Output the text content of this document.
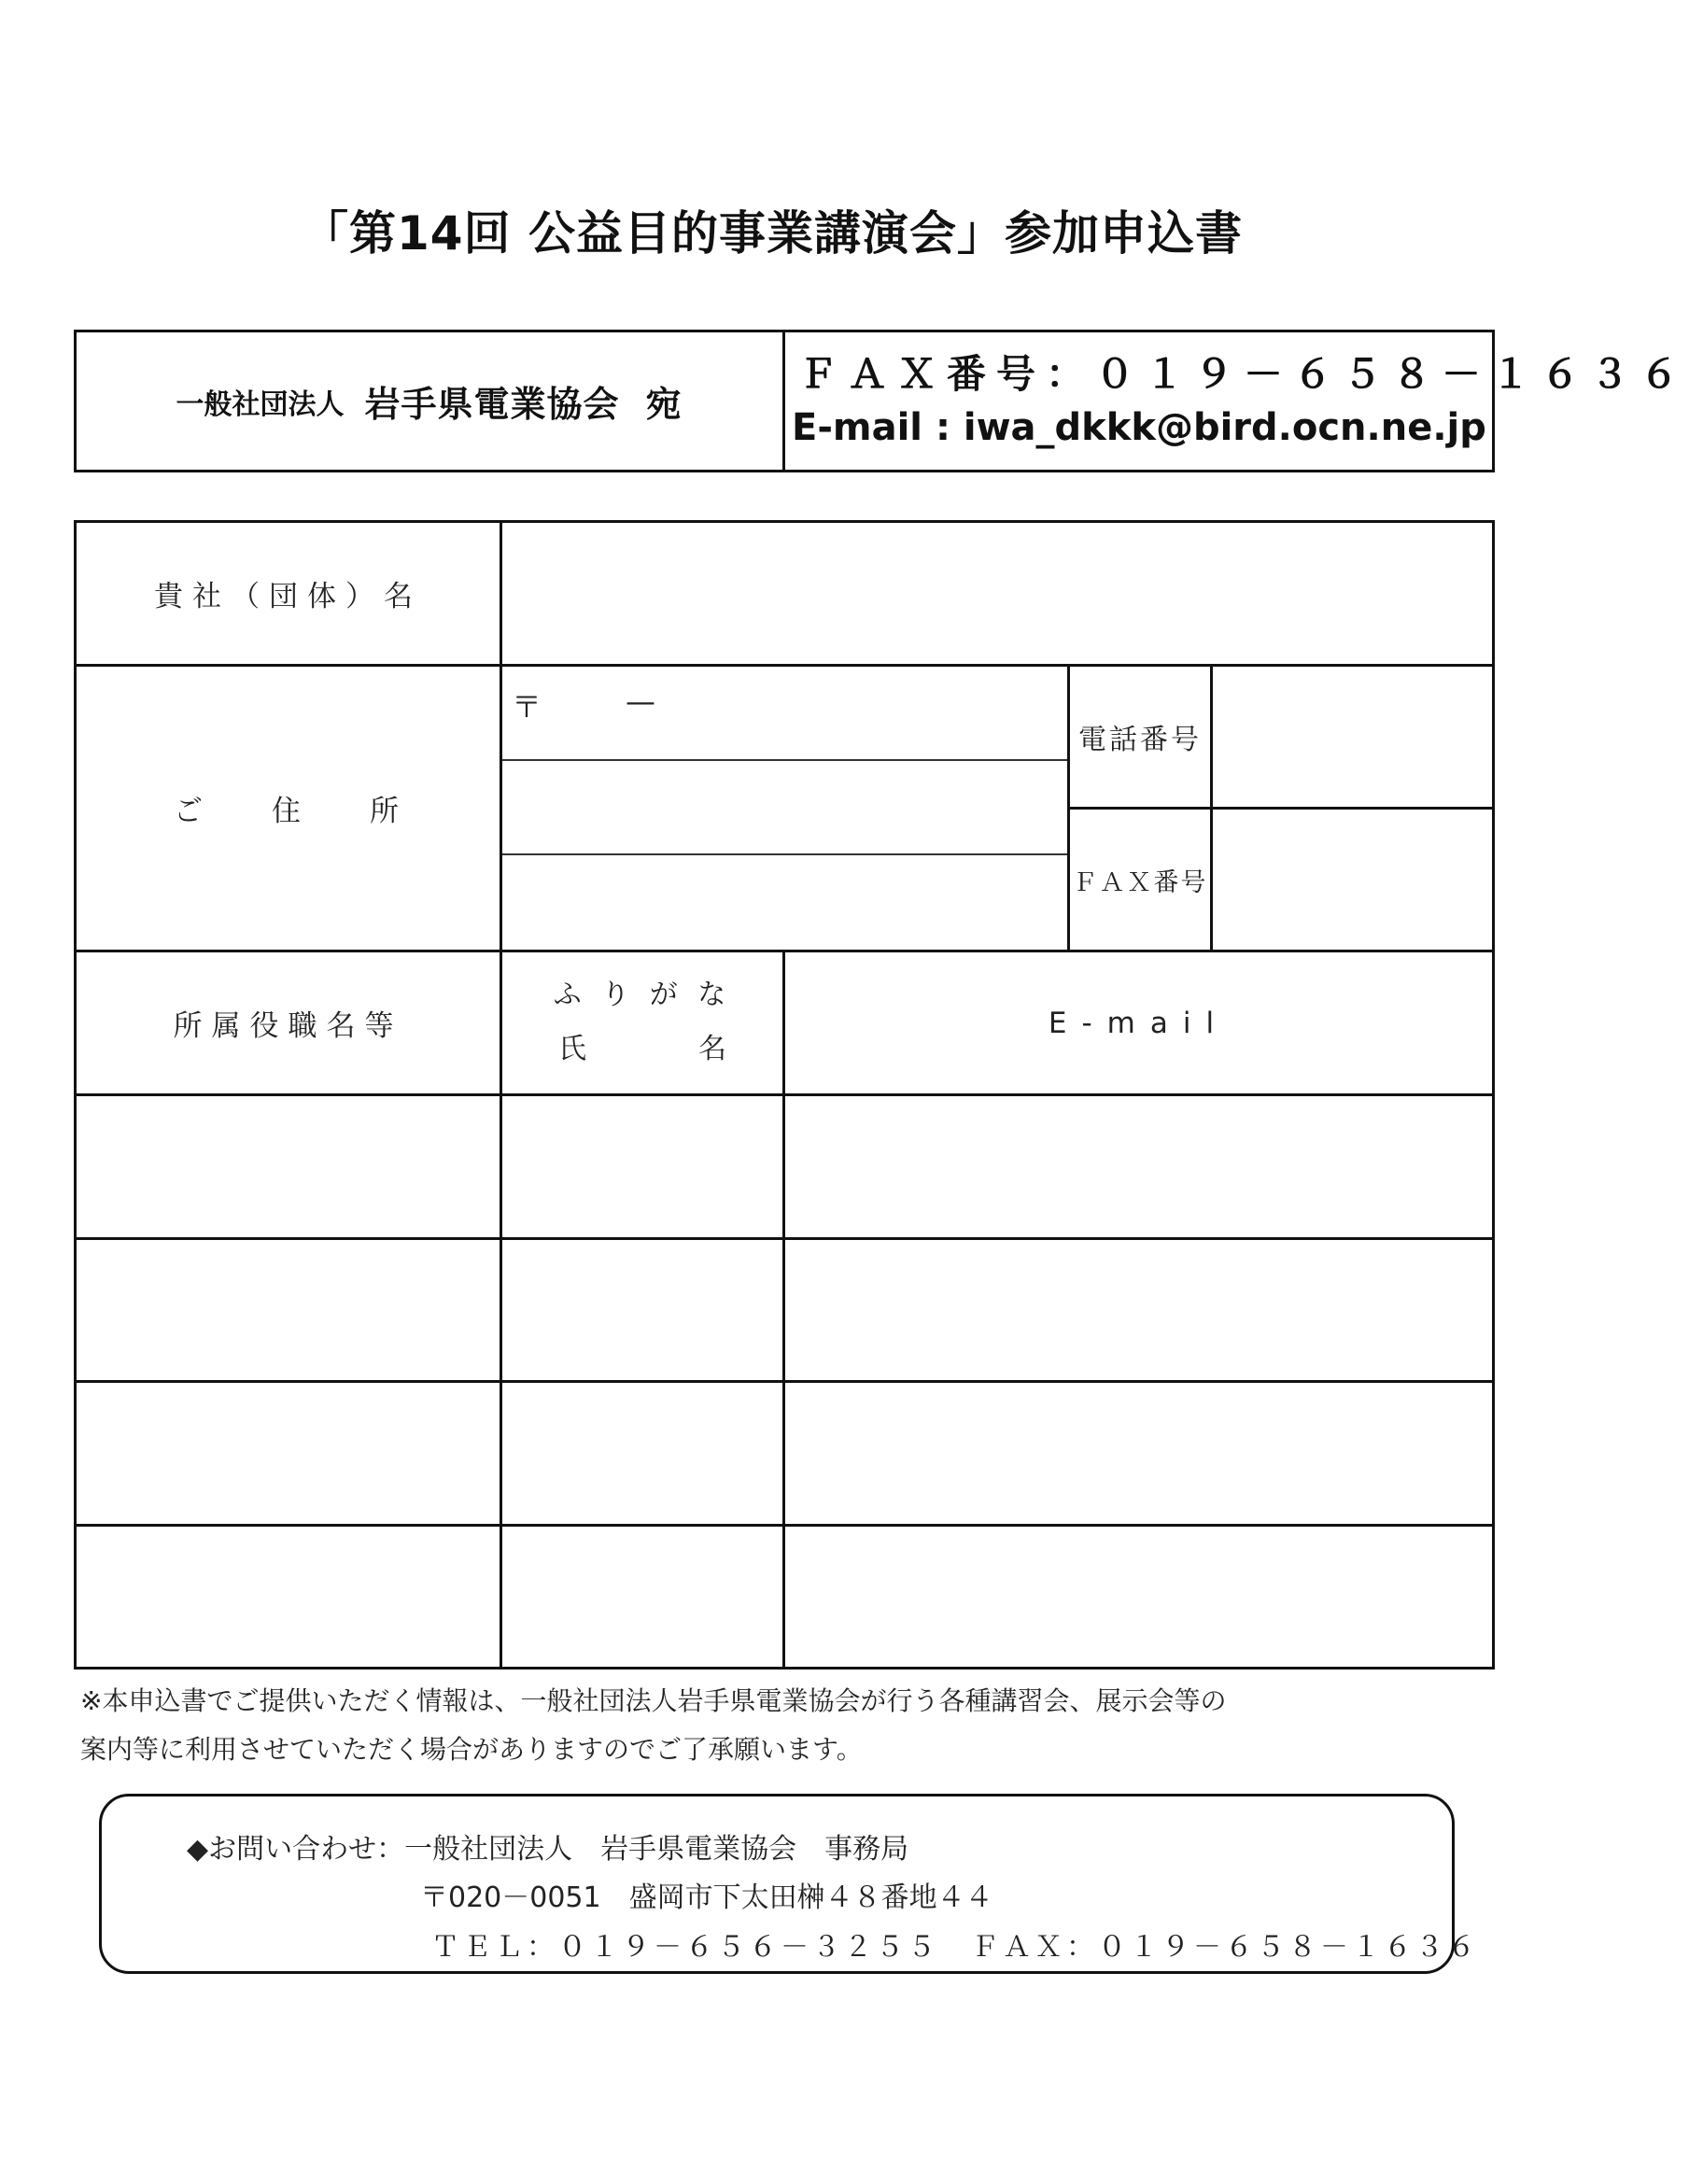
「第14回 公益目的事業講演会」参加申込書
一般社団法人 岩手県電業協会 宛
ＦＡＸ番号：０１９－６５８－１６３６
E-mail : iwa_dkkk@bird.ocn.ne.jp
貴社（団体）名
ご　　住　　所
〒	—
電話番号
ＦＡＸ番号
所属役職名等
ふ り が な
氏　　　　名
E-mail
※本申込書でご提供いただく情報は、一般社団法人岩手県電業協会が行う各種講習会、展示会等の
案内等に利用させていただく場合がありますのでご了承願います。
◆お問い合わせ：一般社団法人　岩手県電業協会　事務局
〒020－0051　盛岡市下太田榊４８番地４４
ＴＥＬ：０１９－６５６－３２５５　ＦＡＸ：０１９－６５８－１６３６
